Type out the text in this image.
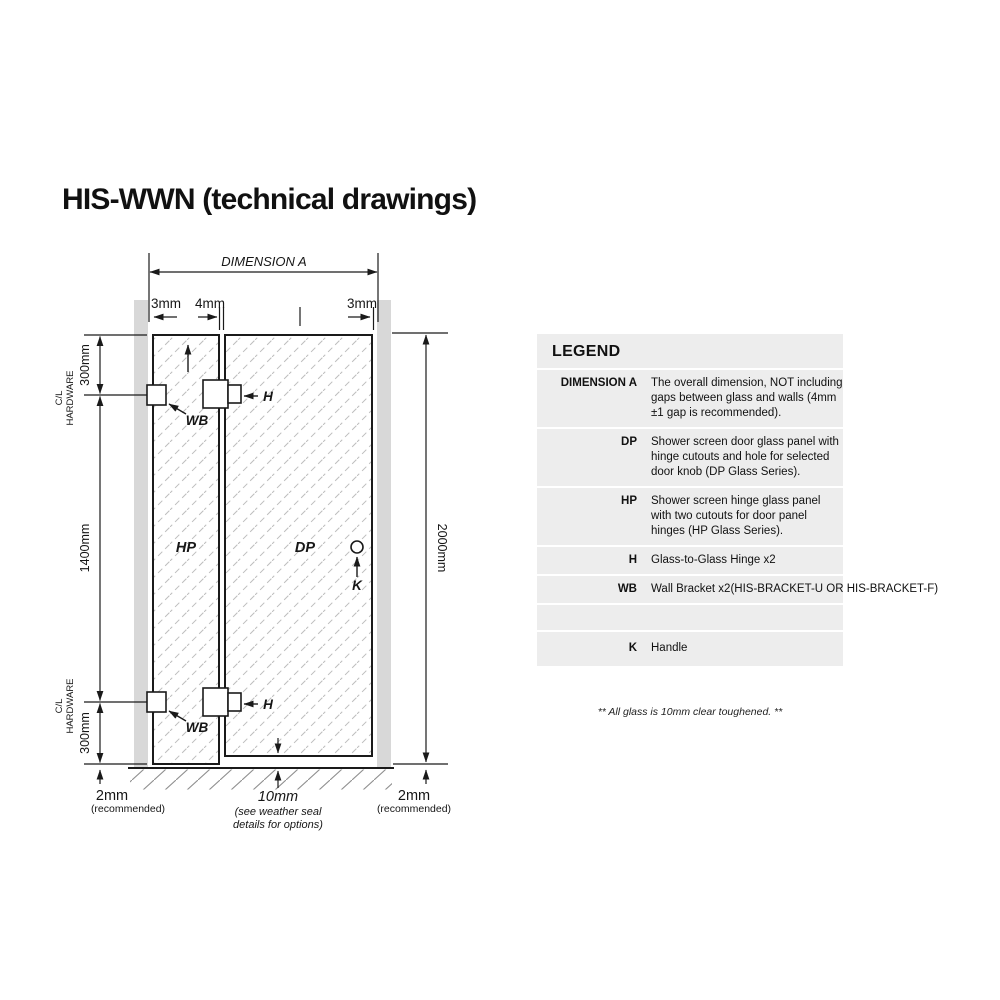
HIS-WWN (technical drawings)
DIMENSION A
3mm 4mm	3mm
300mm
1400mm
300mm
C/L HARDWARE
C/L HARDWARE
2000mm
2mm
(recommended)
10mm
(see weather seal
details for options)
2mm
(recommended)
H
H
WB
WB
K
HP	DP
LEGEND
DIMENSION A The overall dimension, NOT including gaps between glass and walls (4mm ±1 gap is recommended).
DP Shower screen door glass panel with hinge cutouts and hole for selected door knob (DP Glass Series).
HP Shower screen hinge glass panel with two cutouts for door panel hinges (HP Glass Series).
H Glass-to-Glass Hinge x2
WB Wall Bracket x2(HIS-BRACKET-U OR HIS-BRACKET-F)
K Handle
** All glass is 10mm clear toughened. **
